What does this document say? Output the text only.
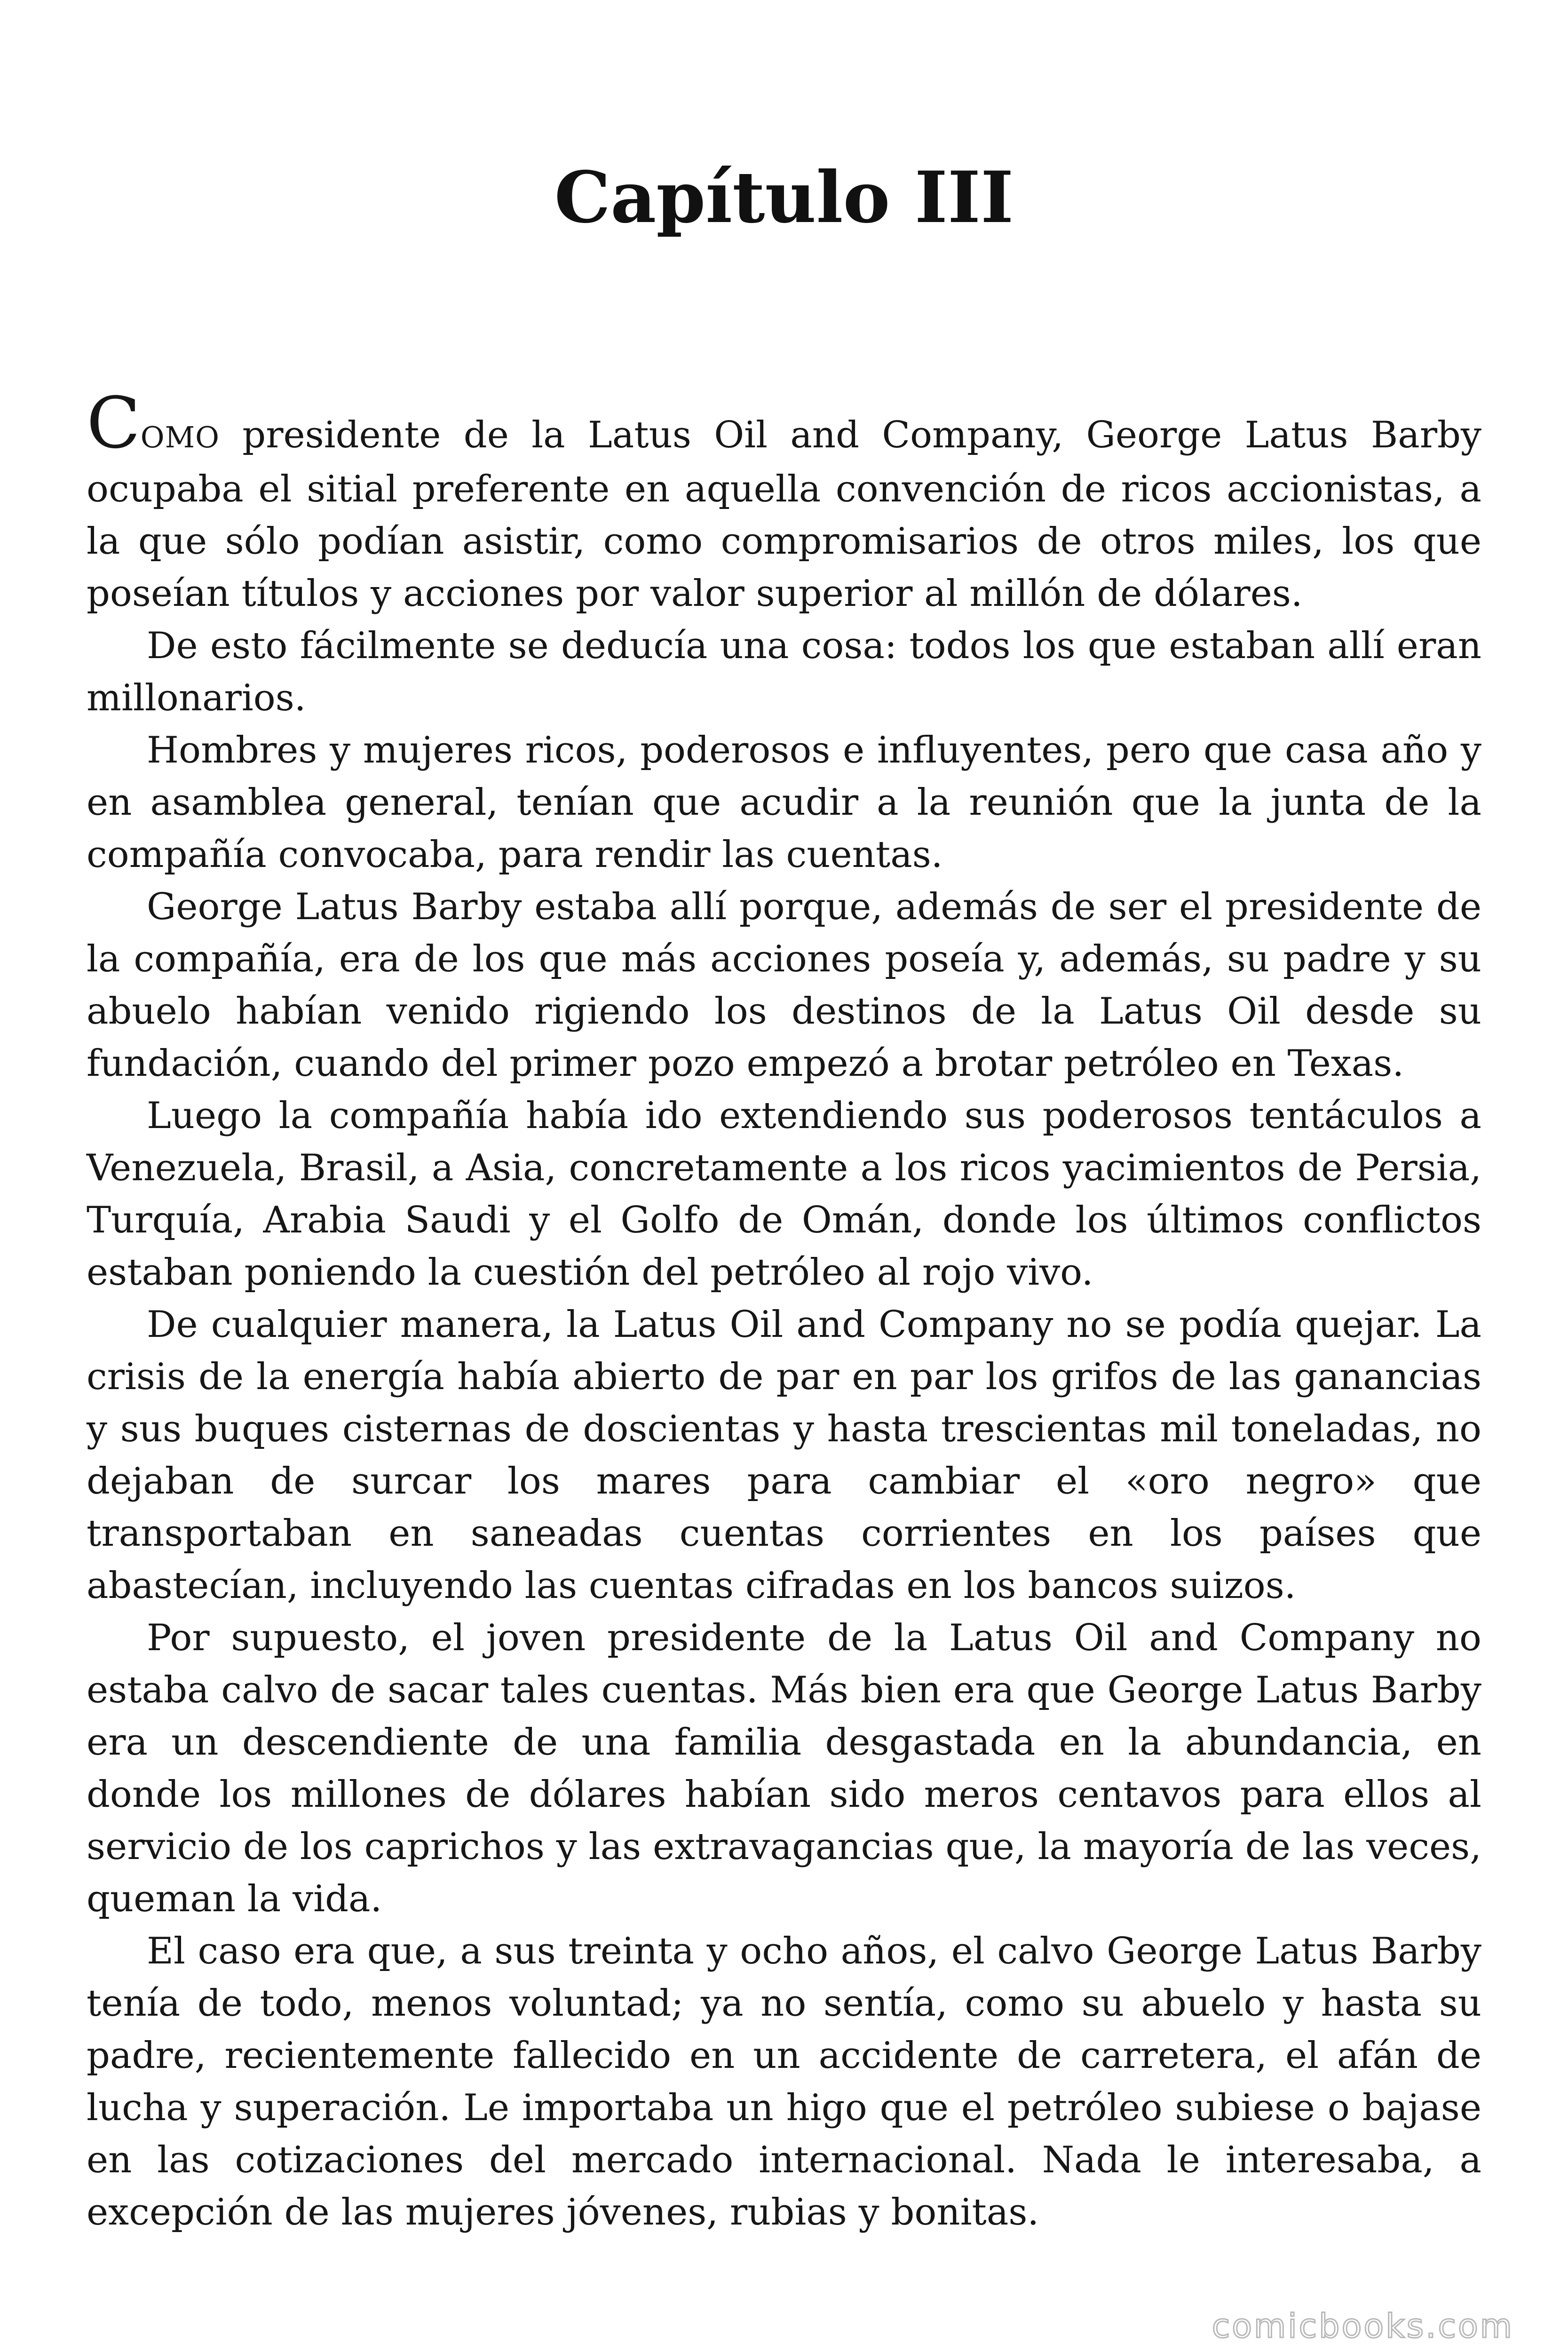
Capítulo III

COMO presidente de la Latus Oil and Company, George Latus Barby ocupaba el sitial preferente en aquella convención de ricos accionistas, a la que sólo podían asistir, como compromisarios de otros miles, los que poseían títulos y acciones por valor superior al millón de dólares.

De esto fácilmente se deducía una cosa: todos los que estaban allí eran millonarios.

Hombres y mujeres ricos, poderosos e influyentes, pero que casa año y en asamblea general, tenían que acudir a la reunión que la junta de la compañía convocaba, para rendir las cuentas.

George Latus Barby estaba allí porque, además de ser el presidente de la compañía, era de los que más acciones poseía y, además, su padre y su abuelo habían venido rigiendo los destinos de la Latus Oil desde su fundación, cuando del primer pozo empezó a brotar petróleo en Texas.

Luego la compañía había ido extendiendo sus poderosos tentáculos a Venezuela, Brasil, a Asia, concretamente a los ricos yacimientos de Persia, Turquía, Arabia Saudi y el Golfo de Omán, donde los últimos conflictos estaban poniendo la cuestión del petróleo al rojo vivo.

De cualquier manera, la Latus Oil and Company no se podía quejar. La crisis de la energía había abierto de par en par los grifos de las ganancias y sus buques cisternas de doscientas y hasta trescientas mil toneladas, no dejaban de surcar los mares para cambiar el «oro negro» que transportaban en saneadas cuentas corrientes en los países que abastecían, incluyendo las cuentas cifradas en los bancos suizos.

Por supuesto, el joven presidente de la Latus Oil and Company no estaba calvo de sacar tales cuentas. Más bien era que George Latus Barby era un descendiente de una familia desgastada en la abundancia, en donde los millones de dólares habían sido meros centavos para ellos al servicio de los caprichos y las extravagancias que, la mayoría de las veces, queman la vida.

El caso era que, a sus treinta y ocho años, el calvo George Latus Barby tenía de todo, menos voluntad; ya no sentía, como su abuelo y hasta su padre, recientemente fallecido en un accidente de carretera, el afán de lucha y superación. Le importaba un higo que el petróleo subiese o bajase en las cotizaciones del mercado internacional. Nada le interesaba, a excepción de las mujeres jóvenes, rubias y bonitas.

comicbooks.com
